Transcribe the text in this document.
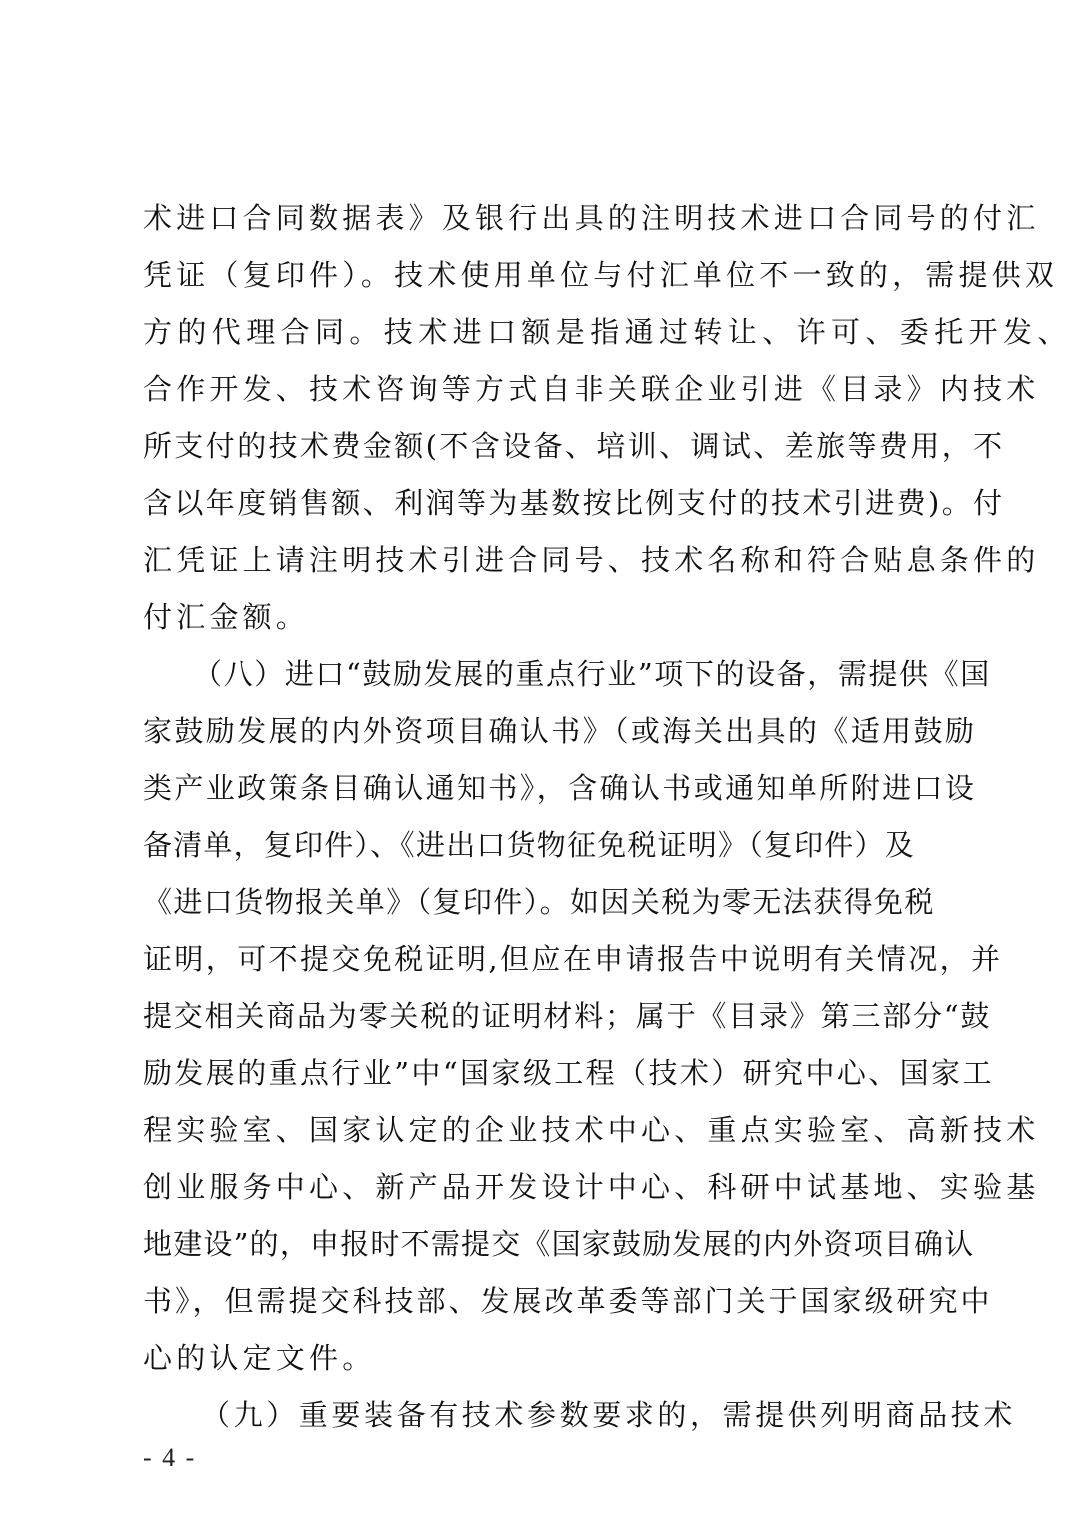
术进口合同数据表》及银行出具的注明技术进口合同号的付汇
凭证（复印件）。技术使用单位与付汇单位不一致的，需提供双
方的代理合同。技术进口额是指通过转让、许可、委托开发、
合作开发、技术咨询等方式自非关联企业引进《目录》内技术
所支付的技术费金额(不含设备、培训、调试、差旅等费用，不
含以年度销售额、利润等为基数按比例支付的技术引进费)。付
汇凭证上请注明技术引进合同号、技术名称和符合贴息条件的
付汇金额。
（八）进口“鼓励发展的重点行业”项下的设备，需提供《国
家鼓励发展的内外资项目确认书》（或海关出具的《适用鼓励
类产业政策条目确认通知书》，含确认书或通知单所附进口设
备清单，复印件）、《进出口货物征免税证明》（复印件）及
《进口货物报关单》（复印件）。如因关税为零无法获得免税
证明，可不提交免税证明,但应在申请报告中说明有关情况，并
提交相关商品为零关税的证明材料；属于《目录》第三部分“鼓
励发展的重点行业”中“国家级工程（技术）研究中心、国家工
程实验室、国家认定的企业技术中心、重点实验室、高新技术
创业服务中心、新产品开发设计中心、科研中试基地、实验基
地建设”的，申报时不需提交《国家鼓励发展的内外资项目确认
书》，但需提交科技部、发展改革委等部门关于国家级研究中
心的认定文件。
（九）重要装备有技术参数要求的，需提供列明商品技术
- 4 -
